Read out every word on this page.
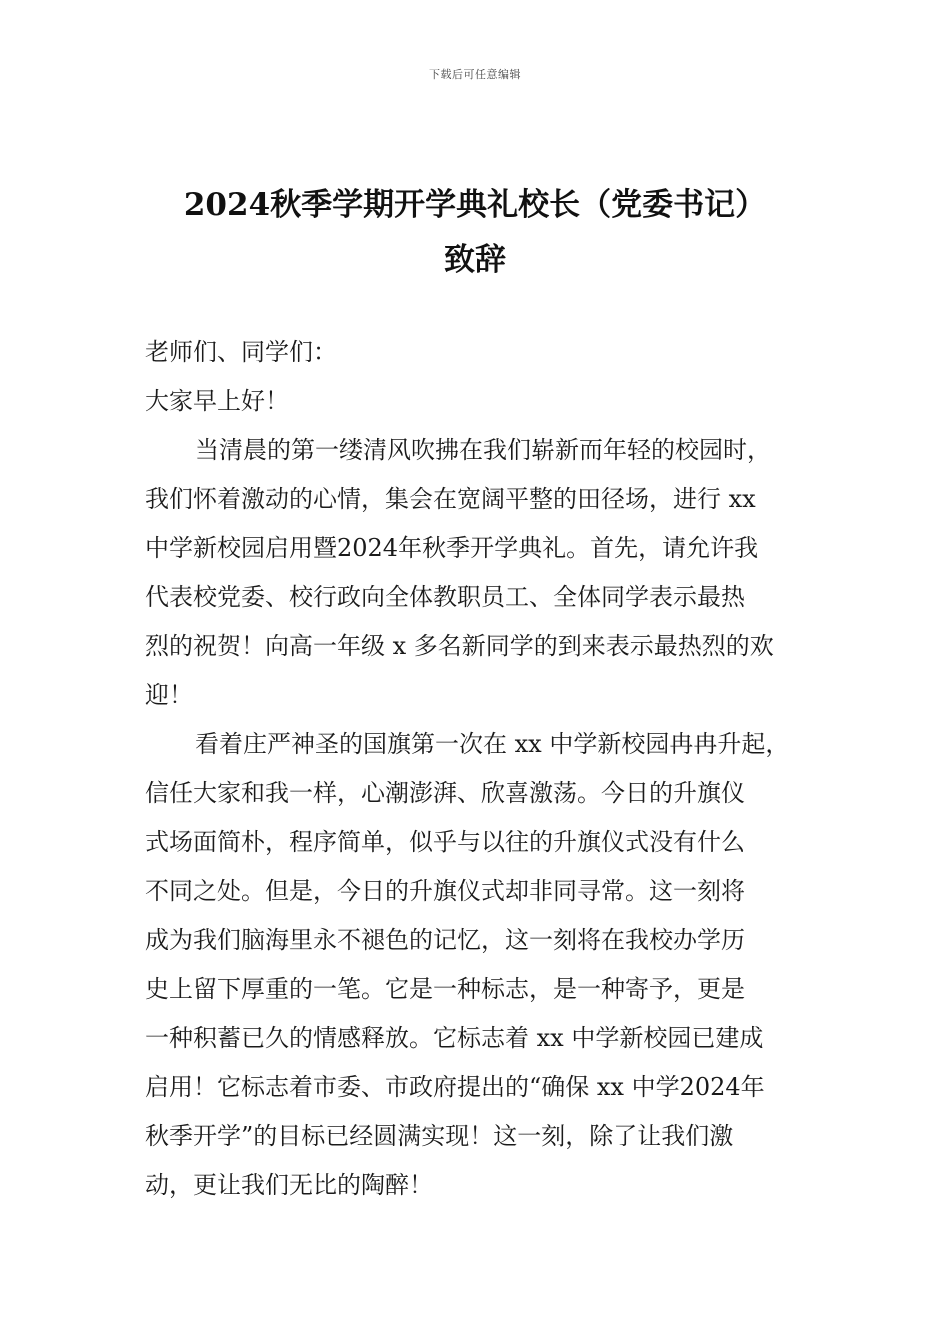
下载后可任意编辑
2024秋季学期开学典礼校长（党委书记）
致辞

老师们、同学们：

大家早上好！

当清晨的第一缕清风吹拂在我们崭新而年轻的校园时，
我们怀着激动的心情，集会在宽阔平整的田径场，进行 xx
中学新校园启用暨2024年秋季开学典礼。首先，请允许我
代表校党委、校行政向全体教职员工、全体同学表示最热
烈的祝贺！向高一年级 x 多名新同学的到来表示最热烈的欢
迎！

看着庄严神圣的国旗第一次在 xx 中学新校园冉冉升起，
信任大家和我一样，心潮澎湃、欣喜激荡。今日的升旗仪
式场面简朴，程序简单，似乎与以往的升旗仪式没有什么
不同之处。但是，今日的升旗仪式却非同寻常。这一刻将
成为我们脑海里永不褪色的记忆，这一刻将在我校办学历
史上留下厚重的一笔。它是一种标志，是一种寄予，更是
一种积蓄已久的情感释放。它标志着 xx 中学新校园已建成
启用！它标志着市委、市政府提出的“确保 xx 中学2024年
秋季开学”的目标已经圆满实现！这一刻，除了让我们激
动，更让我们无比的陶醉！
